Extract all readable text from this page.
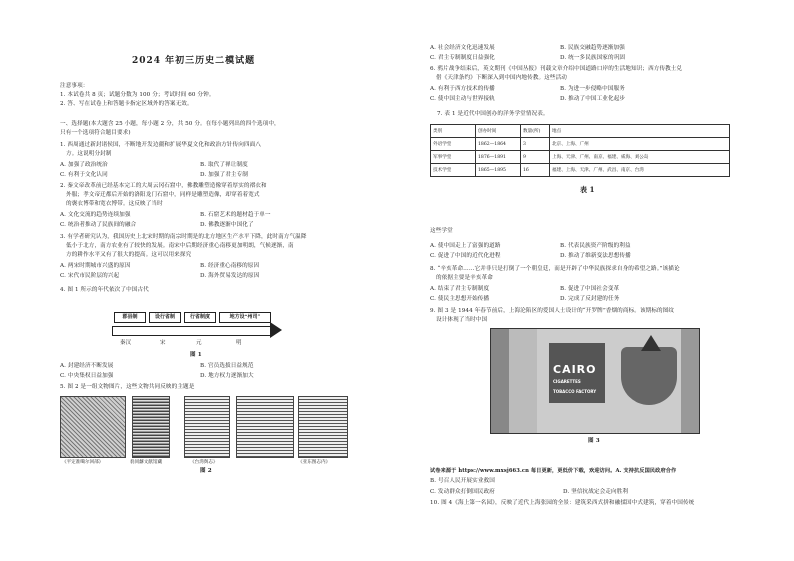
2024 年初三历史二模试题
注意事项：
1. 本试卷共 8 页；试题分数为 100 分；考试时间 60 分钟。
2. 答、写在试卷上和答题卡指定区域外的答案无效。
一、选择题(本大题含 25 小题，每小题 2 分，共 50 分。在每小题列出的四个选项中，
只有一个选项符合题目要求)
1. 西周通过新封诸侯国，不断地开发边疆和扩展华夏文化和政治方针传向四面八
方。这说明分封制
A. 加强了政治统治	B. 取代了禅让制度
C. 有利于文化认同	D. 加强了君主专制
2. 秦文帝改革前已经基本完工的大周云冈石窟中，佛教雕塑造像穿着厚实的褶衣和
外服；孝文帝迁都后开始的洛阳龙门石窟中，同样是雕塑造像，却穿着着宽式
的褒衣博带和宽衣博带。这反映了当时
A. 文化交流的趋势连续加强	B. 石窟艺术的题材趋于单一
C. 统治者推动了民族间的融合	D. 佛教逐渐中国化了
3. 有学者研究认为，我国历史上北宋时期的南宗时期是的北方地区生产水平下降，此时南方气温降
低小于北方，南方农业有了较快的发展。南宋中后期经济重心南移更加明朗，气候逐渐，南
方的耕作水平又有了很大的提高。这可以用来探究
A. 两宋时期城市兴盛的原因	B. 经济重心南移的原因
C. 宋代市民阶层的兴起	D. 海外贸易发达的原因
4. 图 1 所示的年代依次了中国古代
郡县制	设行省制	行省制度	地方设“州司”
秦汉	宋	元	明
图 1
A. 封建经济不断发展	B. 官员选拔日益规范
C. 中央集权日益加强	D. 地方权力逐渐加大
5. 图 2 是一组文物图片，这些文物共同反映的主题是
《平定准噶尔回部》	翁同龢文献馆藏	《台湾舆志》	《亚东图志内》
图 2
A. 社会经济文化迅速发展	B. 民族交融趋势逐渐加强
C. 君主专制制度日益强化	D. 统一多民族国家的巩固
6. 鸦片战争结束后，英文期刊《中国丛报》刊载文章介绍中国道路口岸的生活地知识；西方传教士兑
借《天津条约》下断深入到中国内地传教。这些活动
A. 有利于西方技术的传播	B. 为进一步侵略中国服务
C. 使中国主动与世界接轨	D. 推动了中国工业化起步
7. 表 1 是近代中国创办的洋务学堂情况表。
类别	创办时间	数量(所)	地点
外语学堂	1862—1864	3	北京、上海、广州
军事学堂	1876—1891	9	上海、天津、广州、南京、福建、威海、刘公岛
技术学堂	1865—1895	16	福建、上海、天津、广州、武昌、南京、台湾
表 1
这些学堂
A. 使中国走上了富强的道路	B. 代表民族资产阶级的利益
C. 促进了中国的近代化进程	D. 推动了维新变法思想传播
8. “辛亥革命……它并非只是打倒了一个朝皇廷，而是开辟了中华民族探求自身的希望之路。”该描论
的依据主要是辛亥革命
A. 结束了君主专制制度	B. 促进了中国社会变革
C. 使民主思想开始传播	D. 完成了反封建的任务
9. 图 3 是 1944 年春节前后，上海沦陷区的爱国人士设计的“开罗牌”香烟的商标。该期标的图纹
设计体现了当时中国
CAIRO
CIGARETTES
TOBACCO FACTORY
图 3
试卷来源于 https://www.mxsj663.cn 每日更新，更低价下载，欢迎访问。A. 支持抗反国民政府合作
B. 号召人民开展实业救国
C. 发动群众打倒国民政府	D. 坚信抗战定会走向胜利
10. 图 4《海上第一名园》，反映了近代上海张园的全景：建筑采西式拼和融揉国中式建筑，穿着中国传统
